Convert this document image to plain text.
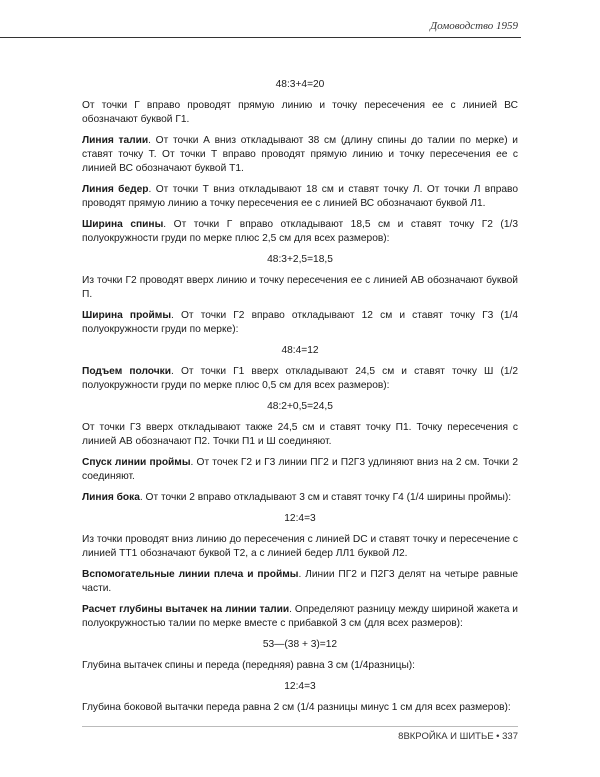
Домоводство 1959

48:3+4=20

От точки Г вправо проводят прямую линию и точку пересечения ее с линией ВС обозначают буквой Г1.

Линия талии. От точки А вниз откладывают 38 см (длину спины до талии по мерке) и ставят точку Т. От точки Т вправо проводят прямую линию и точку пересечения ее с линией ВС обозначают буквой Т1.

Линия бедер. От точки Т вниз откладывают 18 см и ставят точку Л. От точки Л вправо проводят прямую линию а точку пересечения ее с линией ВС обозначают буквой Л1.

Ширина спины. От точки Г вправо откладывают 18,5 см и ставят точку Г2 (1/3 полуокружности груди по мерке плюс 2,5 см для всех размеров):

48:3+2,5=18,5

Из точки Г2 проводят вверх линию и точку пересечения ее с линией АВ обозначают буквой П.

Ширина проймы. От точки Г2 вправо откладывают 12 см и ставят точку Г3 (1/4 полуокружности груди по мерке):

48:4=12

Подъем полочки. От точки Г1 вверх откладывают 24,5 см и ставят точку Ш (1/2 полуокружности груди по мерке плюс 0,5 см для всех размеров):

48:2+0,5=24,5

От точки Г3 вверх откладывают также 24,5 см и ставят точку П1. Точку пересечения с линией АВ обозначают П2. Точки П1 и Ш соединяют.

Спуск линии проймы. От точек Г2 и Г3 линии ПГ2 и П2Г3 удлиняют вниз на 2 см. Точки 2 соединяют.

Линия бока. От точки 2 вправо откладывают 3 см и ставят точку Г4 (1/4 ширины проймы):

12:4=3

Из точки проводят вниз линию до пересечения с линией DC и ставят точку и пересечение с линией ТТ1 обозначают буквой Т2, а с линией бедер ЛЛ1 буквой Л2.

Вспомогательные линии плеча и проймы. Линии ПГ2 и П2Г3 делят на четыре равные части.

Расчет глубины вытачек на линии талии. Определяют разницу между шириной жакета и полуокружностью талии по мерке вместе с прибавкой 3 см (для всех размеров):

53—(38 + 3)=12

Глубина вытачек спины и переда (передняя) равна 3 см (1/4разницы):

12:4=3

Глубина боковой вытачки переда равна 2 см (1/4 разницы минус 1 см для всех размеров):

8ВКРОЙКА И ШИТЬЕ • 337
